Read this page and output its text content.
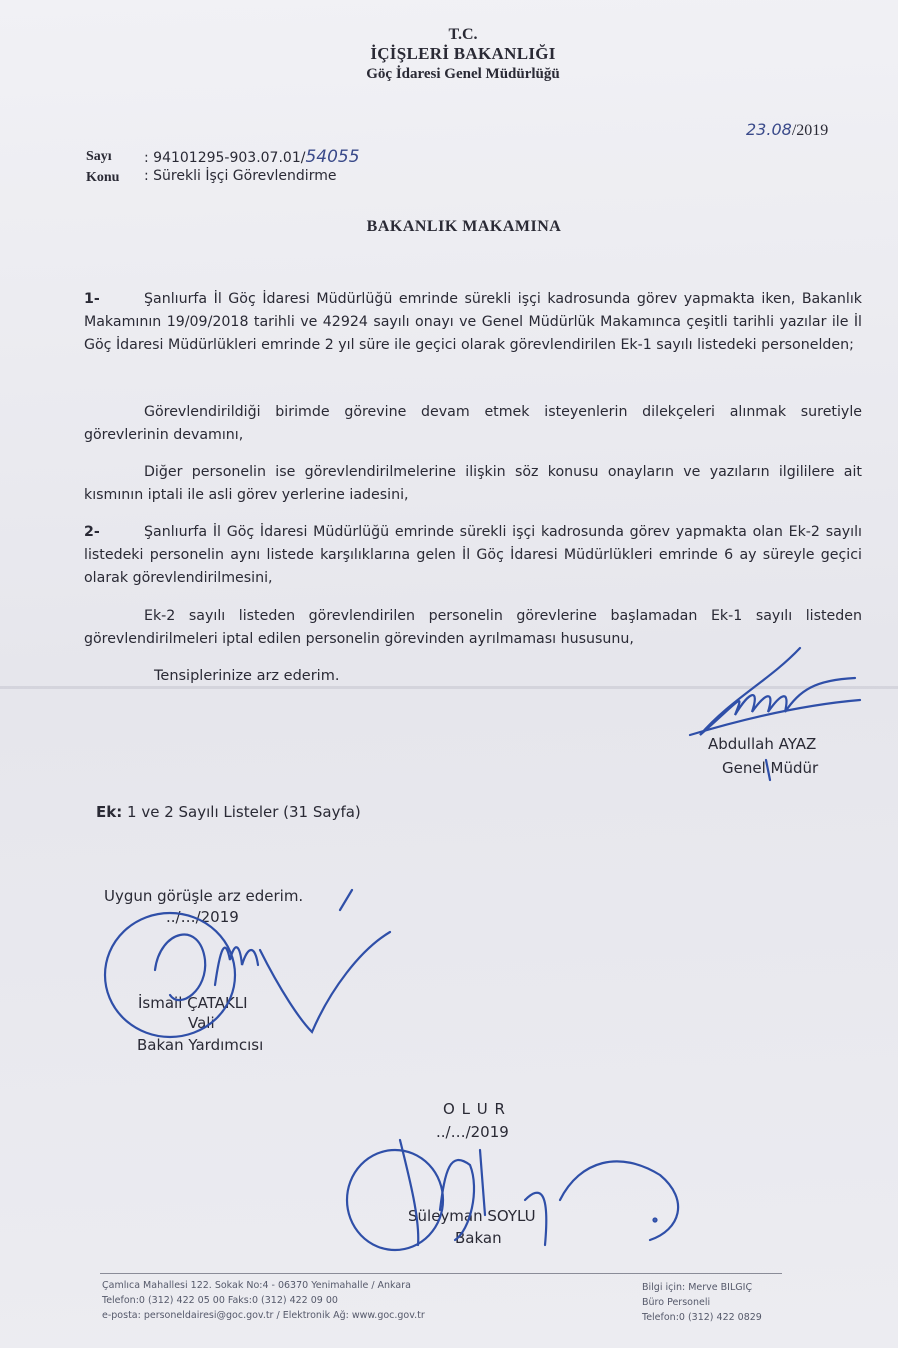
T.C.
İÇİŞLERİ BAKANLIĞI
Göç İdaresi Genel Müdürlüğü
23.08/2019
Sayı : 94101295-903.07.01/54055
Konu : Sürekli İşçi Görevlendirme
BAKANLIK MAKAMINA
1-	Şanlıurfa İl Göç İdaresi Müdürlüğü emrinde sürekli işçi kadrosunda görev yapmakta iken, Bakanlık Makamının 19/09/2018 tarihli ve 42924 sayılı onayı ve Genel Müdürlük Makamınca çeşitli tarihli yazılar ile İl Göç İdaresi Müdürlükleri emrinde 2 yıl süre ile geçici olarak görevlendirilen Ek-1 sayılı listedeki personelden;
Görevlendirildiği birimde görevine devam etmek isteyenlerin dilekçeleri alınmak suretiyle görevlerinin devamını,
Diğer personelin ise görevlendirilmelerine ilişkin söz konusu onayların ve yazıların ilgililere ait kısmının iptali ile asli görev yerlerine iadesini,
2-	Şanlıurfa İl Göç İdaresi Müdürlüğü emrinde sürekli işçi kadrosunda görev yapmakta olan Ek-2 sayılı listedeki personelin aynı listede karşılıklarına gelen İl Göç İdaresi Müdürlükleri emrinde 6 ay süreyle geçici olarak görevlendirilmesini,
Ek-2 sayılı listeden görevlendirilen personelin görevlerine başlamadan Ek-1 sayılı listeden görevlendirilmeleri iptal edilen personelin görevinden ayrılmaması hususunu,
Tensiplerinize arz ederim.
Abdullah AYAZ
Genel Müdür
Ek: 1 ve 2 Sayılı Listeler (31 Sayfa)
Uygun görüşle arz ederim.
../…/2019
İsmail ÇATAKLI
Vali
Bakan Yardımcısı
O L U R
../…/2019
Süleyman SOYLU
Bakan
Çamlıca Mahallesi 122. Sokak No:4 - 06370 Yenimahalle / Ankara
Telefon:0 (312) 422 05 00 Faks:0 (312) 422 09 00
e-posta: personeldairesi@goc.gov.tr / Elektronik Ağ: www.goc.gov.tr
Bilgi için: Merve BILGIÇ
Büro Personeli
Telefon:0 (312) 422 0829
